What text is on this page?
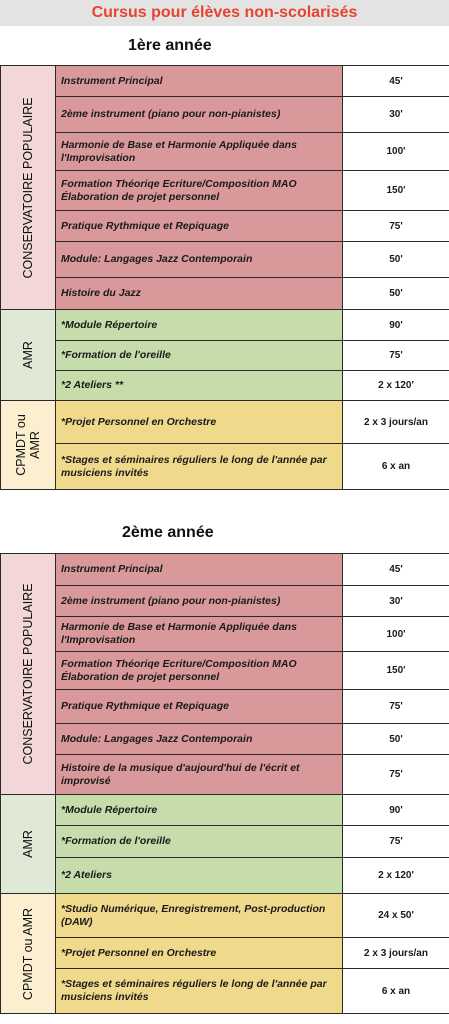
Cursus pour élèves non-scolarisés
1ère année
CONSERVATOIRE POPULAIRE	Instrument Principal	45'
	2ème instrument (piano pour non-pianistes)	30'
	Harmonie de Base et Harmonie Appliquée dans l'Improvisation	100'
	Formation Théoriqe Ecriture/Composition MAO Élaboration de projet personnel	150'
	Pratique Rythmique et Repiquage	75'
	Module: Langages Jazz Contemporain	50'
	Histoire du Jazz	50'

AMR	*Module Répertoire	90'
	*Formation de l'oreille	75'
	*2 Ateliers **	2 x 120'

CPMDT ou AMR	*Projet Personnel en Orchestre	2 x 3 jours/an
	*Stages et séminaires réguliers le long de l'année par musiciens invités	6 x an
2ème année
CONSERVATOIRE POPULAIRE	Instrument Principal	45'
	2ème instrument (piano pour non-pianistes)	30'
	Harmonie de Base et Harmonie Appliquée dans l'Improvisation	100'
	Formation Théoriqe Ecriture/Composition MAO Élaboration de projet personnel	150'
	Pratique Rythmique et Repiquage	75'
	Module: Langages Jazz Contemporain	50'
	Histoire de la musique d'aujourd'hui de l'écrit et improvisé	75'

AMR	*Module Répertoire	90'
	*Formation de l'oreille	75'
	*2 Ateliers	2 x 120'

CPMDT ou AMR	*Studio Numérique, Enregistrement, Post-production (DAW)	24 x 50'
	*Projet Personnel en Orchestre	2 x 3 jours/an
	*Stages et séminaires réguliers le long de l'année par musiciens invités	6 x an
